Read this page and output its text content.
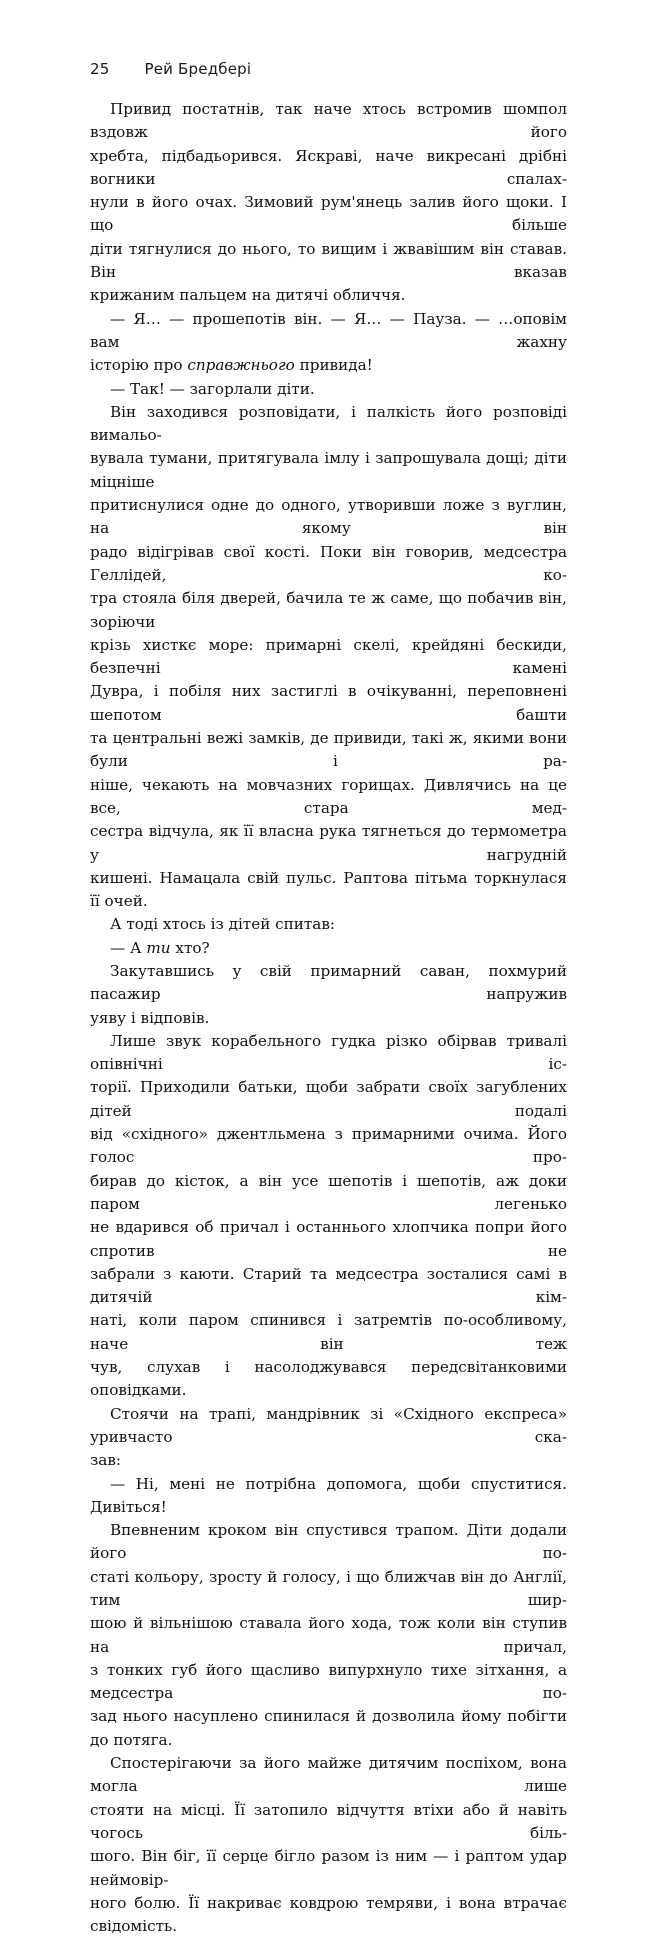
25 Рей Бредбері

Привид постатнів, так наче хтось встромив шомпол вздовж його
хребта, підбадьорився. Яскраві, наче викресані дрібні вогники спалах-
нули в його очах. Зимовий рум'янець залив його щоки. І що більше
діти тягнулися до нього, то вищим і жвавішим він ставав. Він вказав
крижаним пальцем на дитячі обличчя.

— Я… — прошепотів він. — Я… — Пауза. — …оповім вам жахну
історію про справжнього привида!

— Так! — загорлали діти.

Він заходився розповідати, і палкість його розповіді вимальо-
вувала тумани, притягувала імлу і запрошувала дощі; діти міцніше
притиснулися одне до одного, утворивши ложе з вуглин, на якому він
радо відігрівав свої кості. Поки він говорив, медсестра Геллідей, ко-
тра стояла біля дверей, бачила те ж саме, що побачив він, зоріючи
крізь хисткє море: примарні скелі, крейдяні бескиди, безпечні камені
Дувра, і побіля них застиглі в очікуванні, переповнені шепотом башти
та центральні вежі замків, де привиди, такі ж, якими вони були і ра-
ніше, чекають на мовчазних горищах. Дивлячись на це все, стара мед-
сестра відчула, як її власна рука тягнеться до термометра у нагрудній
кишені. Намацала свій пульс. Раптова пітьма торкнулася її очей.

А тоді хтось із дітей спитав:

— А ти хто?

Закутавшись у свій примарний саван, похмурий пасажир напружив
уяву і відповів.

Лише звук корабельного гудка різко обірвав тривалі опівнічні іс-
торії. Приходили батьки, щоби забрати своїх загублених дітей подалі
від «східного» джентльмена з примарними очима. Його голос про-
бирав до кісток, а він усе шепотів і шепотів, аж доки паром легенько
не вдарився об причал і останнього хлопчика попри його спротив не
забрали з каюти. Старий та медсестра зосталися самі в дитячій кім-
наті, коли паром спинився і затремтів по-особливому, наче він теж
чув, слухав і насолоджувався передсвітанковими оповідками.

Стоячи на трапі, мандрівник зі «Східного експреса» уривчасто ска-
зав:

— Ні, мені не потрібна допомога, щоби спуститися. Дивіться!

Впевненим кроком він спустився трапом. Діти додали його по-
статі кольору, зросту й голосу, і що ближчав він до Англії, тим шир-
шою й вільнішою ставала його хода, тож коли він ступив на причал,
з тонких губ його щасливо випурхнуло тихе зітхання, а медсестра по-
зад нього насуплено спинилася й дозволила йому побігти до потяга.

Спостерігаючи за його майже дитячим поспіхом, вона могла лише
стояти на місці. Її затопило відчуття втіхи або й навіть чогось біль-
шого. Він біг, її серце бігло разом із ним — і раптом удар неймовір-
ного болю. Її накриває ковдрою темряви, і вона втрачає свідомість.
